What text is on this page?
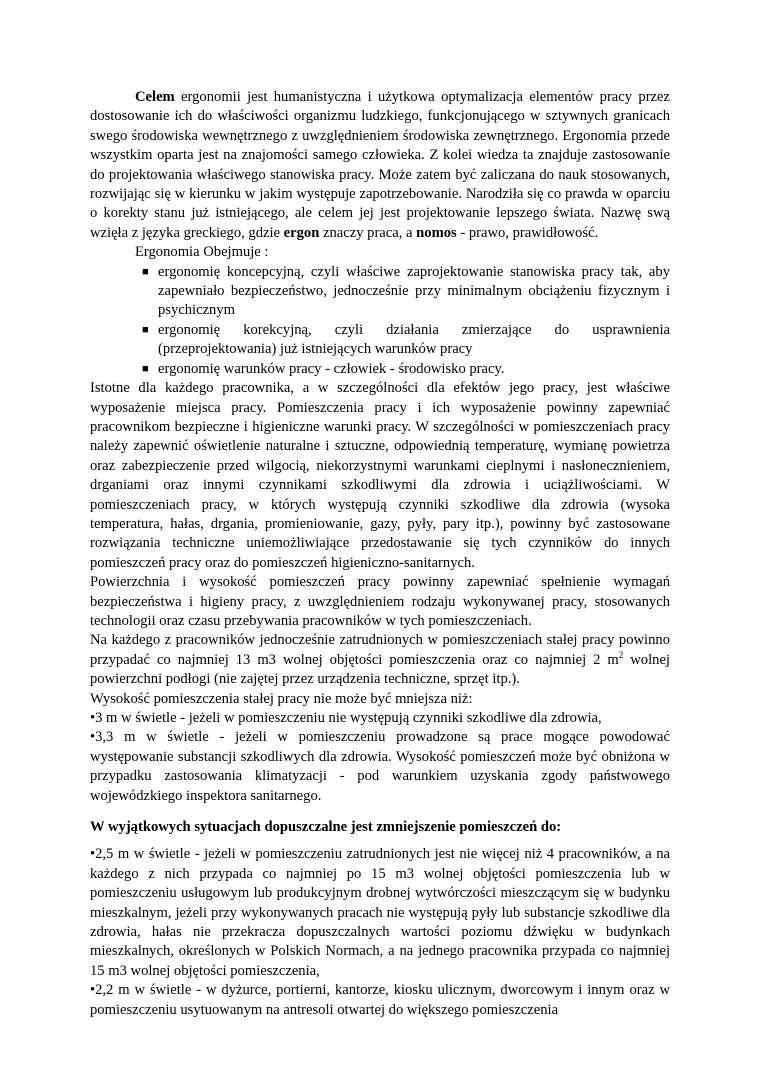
Celem ergonomii jest humanistyczna i użytkowa optymalizacja elementów pracy przez dostosowanie ich do właściwości organizmu ludzkiego, funkcjonującego w sztywnych granicach swego środowiska wewnętrznego z uwzględnieniem środowiska zewnętrznego. Ergonomia przede wszystkim oparta jest na znajomości samego człowieka. Z kolei wiedza ta znajduje zastosowanie do projektowania właściwego stanowiska pracy. Może zatem być zaliczana do nauk stosowanych, rozwijając się w kierunku w jakim występuje zapotrzebowanie. Narodziła się co prawda w oparciu o korekty stanu już istniejącego, ale celem jej jest projektowanie lepszego świata. Nazwę swą wzięła z języka greckiego, gdzie ergon znaczy praca, a nomos - prawo, prawidłowość.

Ergonomia Obejmuje :

■ ergonomię koncepcyjną, czyli właściwe zaprojektowanie stanowiska pracy tak, aby zapewniało bezpieczeństwo, jednocześnie przy minimalnym obciążeniu fizycznym i psychicznym
■ ergonomię korekcyjną, czyli działania zmierzające do usprawnienia (przeprojektowania) już istniejących warunków pracy
■ ergonomię warunków pracy - człowiek - środowisko pracy.

Istotne dla każdego pracownika, a w szczególności dla efektów jego pracy, jest właściwe wyposażenie miejsca pracy. Pomieszczenia pracy i ich wyposażenie powinny zapewniać pracownikom bezpieczne i higieniczne warunki pracy. W szczególności w pomieszczeniach pracy należy zapewnić oświetlenie naturalne i sztuczne, odpowiednią temperaturę, wymianę powietrza oraz zabezpieczenie przed wilgocią, niekorzystnymi warunkami cieplnymi i nasłonecznieniem, drganiami oraz innymi czynnikami szkodliwymi dla zdrowia i uciążliwościami. W pomieszczeniach pracy, w których występują czynniki szkodliwe dla zdrowia (wysoka temperatura, hałas, drgania, promieniowanie, gazy, pyły, pary itp.), powinny być zastosowane rozwiązania techniczne uniemożliwiające przedostawanie się tych czynników do innych pomieszczeń pracy oraz do pomieszczeń higieniczno-sanitarnych.

Powierzchnia i wysokość pomieszczeń pracy powinny zapewniać spełnienie wymagań bezpieczeństwa i higieny pracy, z uwzględnieniem rodzaju wykonywanej pracy, stosowanych technologii oraz czasu przebywania pracowników w tych pomieszczeniach.

Na każdego z pracowników jednocześnie zatrudnionych w pomieszczeniach stałej pracy powinno przypadać co najmniej 13 m3 wolnej objętości pomieszczenia oraz co najmniej 2 $m^2$ wolnej powierzchni podłogi (nie zajętej przez urządzenia techniczne, sprzęt itp.).

Wysokość pomieszczenia stałej pracy nie może być mniejsza niż:

•3 m w świetle - jeżeli w pomieszczeniu nie występują czynniki szkodliwe dla zdrowia,

•3,3 m w świetle - jeżeli w pomieszczeniu prowadzone są prace mogące powodować występowanie substancji szkodliwych dla zdrowia. Wysokość pomieszczeń może być obniżona w przypadku zastosowania klimatyzacji - pod warunkiem uzyskania zgody państwowego wojewódzkiego inspektora sanitarnego.

W wyjątkowych sytuacjach dopuszczalne jest zmniejszenie pomieszczeń do:

•2,5 m w świetle - jeżeli w pomieszczeniu zatrudnionych jest nie więcej niż 4 pracowników, a na każdego z nich przypada co najmniej po 15 m3 wolnej objętości pomieszczenia lub w pomieszczeniu usługowym lub produkcyjnym drobnej wytwórczości mieszczącym się w budynku mieszkalnym, jeżeli przy wykonywanych pracach nie występują pyły lub substancje szkodliwe dla zdrowia, hałas nie przekracza dopuszczalnych wartości poziomu dźwięku w budynkach mieszkalnych, określonych w Polskich Normach, a na jednego pracownika przypada co najmniej 15 m3 wolnej objętości pomieszczenia,

•2,2 m w świetle - w dyżurce, portierni, kantorze, kiosku ulicznym, dworcowym i innym oraz w pomieszczeniu usytuowanym na antresoli otwartej do większego pomieszczenia
